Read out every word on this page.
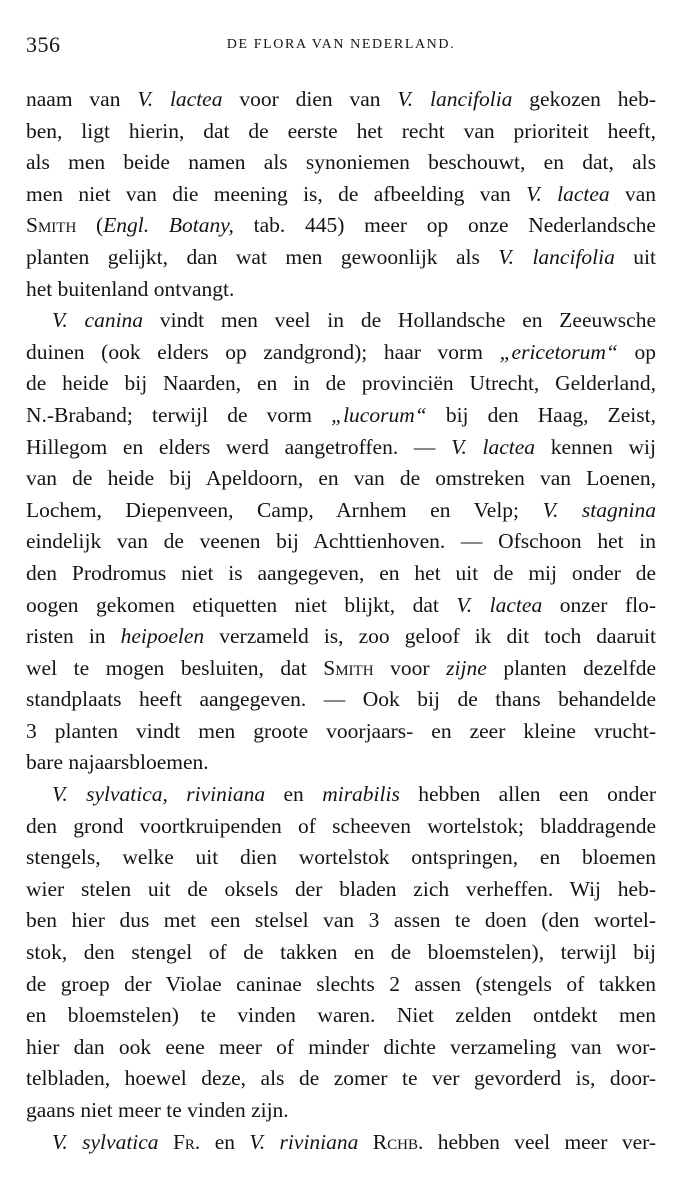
356	DE FLORA VAN NEDERLAND.
naam van V. lactea voor dien van V. lancifolia gekozen heb-
ben, ligt hierin, dat de eerste het recht van prioriteit heeft,
als men beide namen als synoniemen beschouwt, en dat, als
men niet van die meening is, de afbeelding van V. lactea van
Smith (Engl. Botany, tab. 445) meer op onze Nederlandsche
planten gelijkt, dan wat men gewoonlijk als V. lancifolia uit
het buitenland ontvangt.
V. canina vindt men veel in de Hollandsche en Zeeuwsche
duinen (ook elders op zandgrond); haar vorm „ericetorum“ op
de heide bij Naarden, en in de provinciën Utrecht, Gelderland,
N.-Braband; terwijl de vorm „lucorum“ bij den Haag, Zeist,
Hillegom en elders werd aangetroffen. — V. lactea kennen wij
van de heide bij Apeldoorn, en van de omstreken van Loenen,
Lochem, Diepenveen, Camp, Arnhem en Velp; V. stagnina
eindelijk van de veenen bij Achttienhoven. — Ofschoon het in
den Prodromus niet is aangegeven, en het uit de mij onder de
oogen gekomen etiquetten niet blijkt, dat V. lactea onzer flo-
risten in heipoelen verzameld is, zoo geloof ik dit toch daaruit
wel te mogen besluiten, dat Smith voor zijne planten dezelfde
standplaats heeft aangegeven. — Ook bij de thans behandelde
3 planten vindt men groote voorjaars- en zeer kleine vrucht-
bare najaarsbloemen.
V. sylvatica, riviniana en mirabilis hebben allen een onder
den grond voortkruipenden of scheeven wortelstok; bladdragende
stengels, welke uit dien wortelstok ontspringen, en bloemen
wier stelen uit de oksels der bladen zich verheffen. Wij heb-
ben hier dus met een stelsel van 3 assen te doen (den wortel-
stok, den stengel of de takken en de bloemstelen), terwijl bij
de groep der Violae caninae slechts 2 assen (stengels of takken
en bloemstelen) te vinden waren. Niet zelden ontdekt men
hier dan ook eene meer of minder dichte verzameling van wor-
telbladen, hoewel deze, als de zomer te ver gevorderd is, door-
gaans niet meer te vinden zijn.
V. sylvatica Fr. en V. riviniana Rchb. hebben veel meer ver-
